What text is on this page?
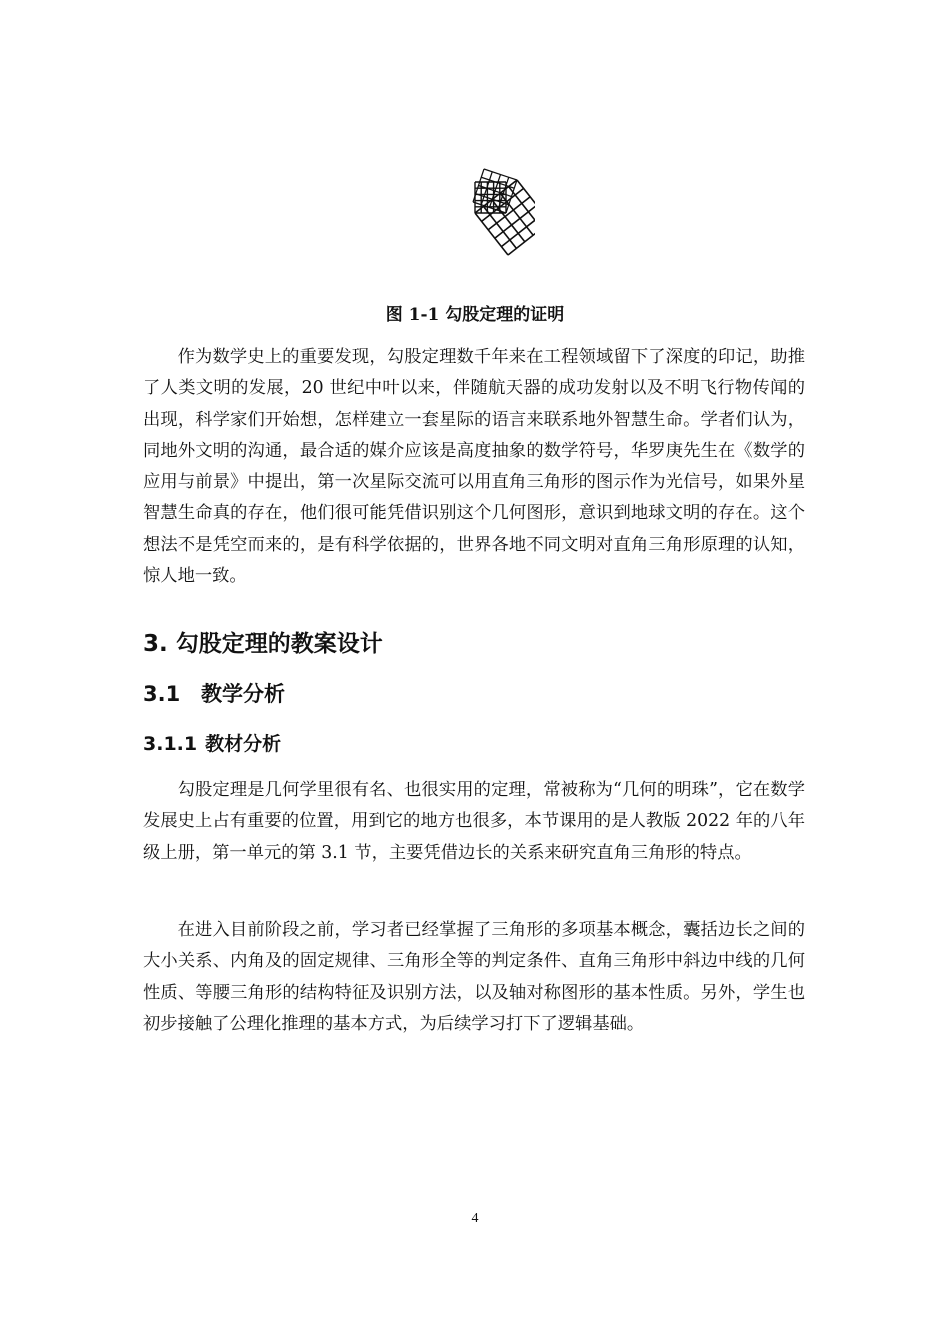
图 1-1 勾股定理的证明

作为数学史上的重要发现，勾股定理数千年来在工程领域留下了深度的印记，助推了人类文明的发展，20 世纪中叶以来，伴随航天器的成功发射以及不明飞行物传闻的出现，科学家们开始想，怎样建立一套星际的语言来联系地外智慧生命。学者们认为，同地外文明的沟通，最合适的媒介应该是高度抽象的数学符号，华罗庚先生在《数学的应用与前景》中提出，第一次星际交流可以用直角三角形的图示作为光信号，如果外星智慧生命真的存在，他们很可能凭借识别这个几何图形，意识到地球文明的存在。这个想法不是凭空而来的，是有科学依据的，世界各地不同文明对直角三角形原理的认知，惊人地一致。

3. 勾股定理的教案设计
3.1 教学分析
3.1.1 教材分析

勾股定理是几何学里很有名、也很实用的定理，常被称为“几何的明珠”，它在数学发展史上占有重要的位置，用到它的地方也很多，本节课用的是人教版 2022 年的八年级上册，第一单元的第 3.1 节，主要凭借边长的关系来研究直角三角形的特点。

在进入目前阶段之前，学习者已经掌握了三角形的多项基本概念，囊括边长之间的大小关系、内角及的固定规律、三角形全等的判定条件、直角三角形中斜边中线的几何性质、等腰三角形的结构特征及识别方法，以及轴对称图形的基本性质。另外，学生也初步接触了公理化推理的基本方式，为后续学习打下了逻辑基础。

4
